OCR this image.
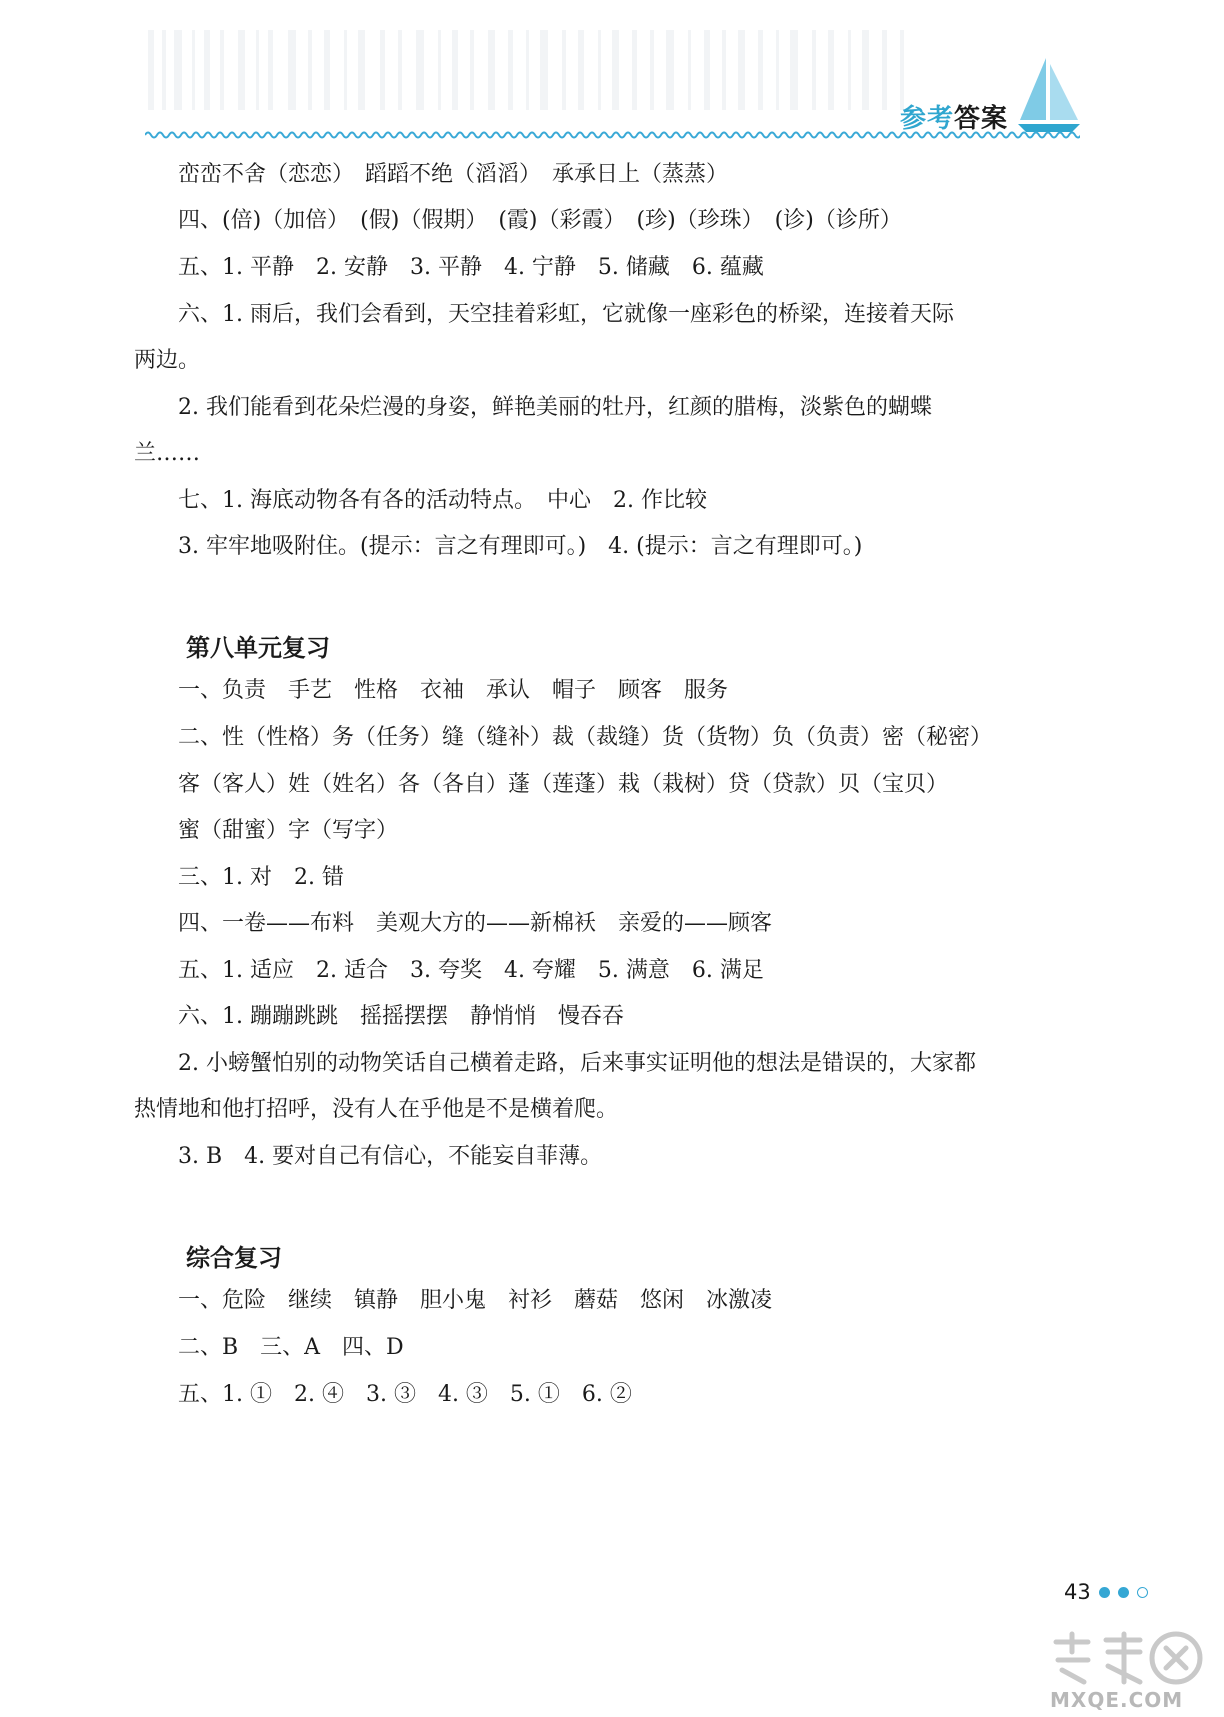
参考答案
峦峦不舍（恋恋）　蹈蹈不绝（滔滔）　承承日上（蒸蒸）
四、(倍)（加倍）　(假)（假期）　(霞)（彩霞）　(珍)（珍珠）　(诊)（诊所）
五、1. 平静　2. 安静　3. 平静　4. 宁静　5. 储藏　6. 蕴藏
六、1. 雨后，我们会看到，天空挂着彩虹，它就像一座彩色的桥梁，连接着天际
两边。
2. 我们能看到花朵烂漫的身姿，鲜艳美丽的牡丹，红颜的腊梅，淡紫色的蝴蝶
兰……
七、1. 海底动物各有各的活动特点。　中心　2. 作比较
3. 牢牢地吸附住。(提示：言之有理即可。)　4. (提示：言之有理即可。)
第八单元复习
一、负责　手艺　性格　衣袖　承认　帽子　顾客　服务
二、性（性格）务（任务）缝（缝补）裁（裁缝）货（货物）负（负责）密（秘密）
客（客人）姓（姓名）各（各自）蓬（莲蓬）栽（栽树）贷（贷款）贝（宝贝）
蜜（甜蜜）字（写字）
三、1. 对　2. 错
四、一卷——布料　美观大方的——新棉袄　亲爱的——顾客
五、1. 适应　2. 适合　3. 夸奖　4. 夸耀　5. 满意　6. 满足
六、1. 蹦蹦跳跳　摇摇摆摆　静悄悄　慢吞吞
2. 小螃蟹怕别的动物笑话自己横着走路，后来事实证明他的想法是错误的，大家都
热情地和他打招呼，没有人在乎他是不是横着爬。
3. B　4. 要对自己有信心，不能妄自菲薄。
综合复习
一、危险　继续　镇静　胆小鬼　衬衫　蘑菇　悠闲　冰激凌
二、B　三、A　四、D
五、1. ①　2. ④　3. ③　4. ③　5. ①　6. ②
43
MXQE.COM
